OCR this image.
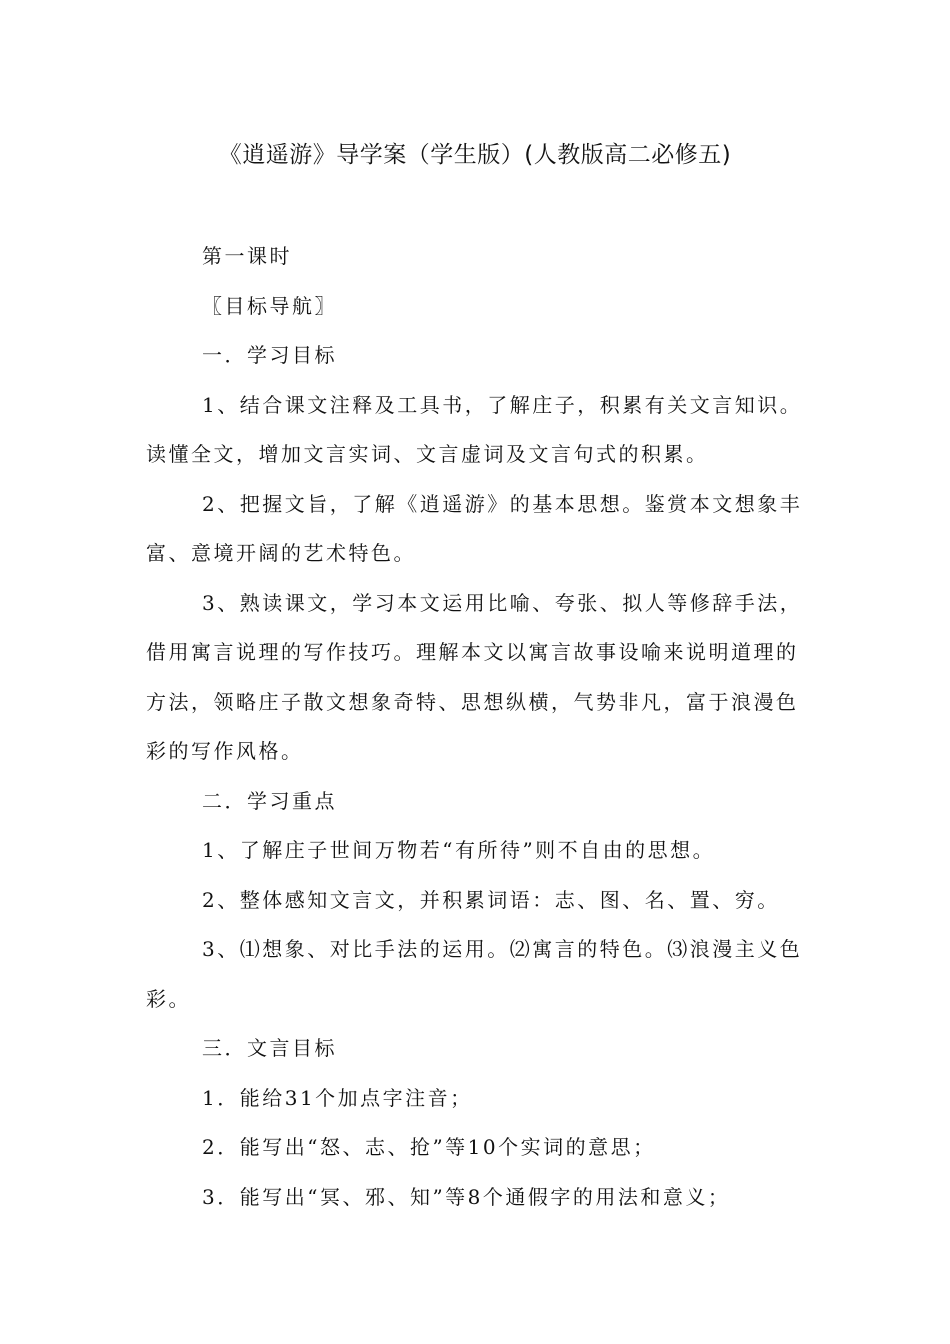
《逍遥游》导学案（学生版）(人教版高二必修五)

第一课时

〖目标导航〗

一．学习目标

1、结合课文注释及工具书，了解庄子，积累有关文言知识。读懂全文，增加文言实词、文言虚词及文言句式的积累。

2、把握文旨，了解《逍遥游》的基本思想。鉴赏本文想象丰富、意境开阔的艺术特色。

3、熟读课文，学习本文运用比喻、夸张、拟人等修辞手法，借用寓言说理的写作技巧。理解本文以寓言故事设喻来说明道理的方法，领略庄子散文想象奇特、思想纵横，气势非凡，富于浪漫色彩的写作风格。

二．学习重点

1、了解庄子世间万物若“有所待”则不自由的思想。

2、整体感知文言文，并积累词语：志、图、名、置、穷。

3、⑴想象、对比手法的运用。⑵寓言的特色。⑶浪漫主义色彩。

三．文言目标

1．能给31个加点字注音；

2．能写出“怒、志、抢”等10个实词的意思；

3．能写出“冥、邪、知”等8个通假字的用法和意义；
